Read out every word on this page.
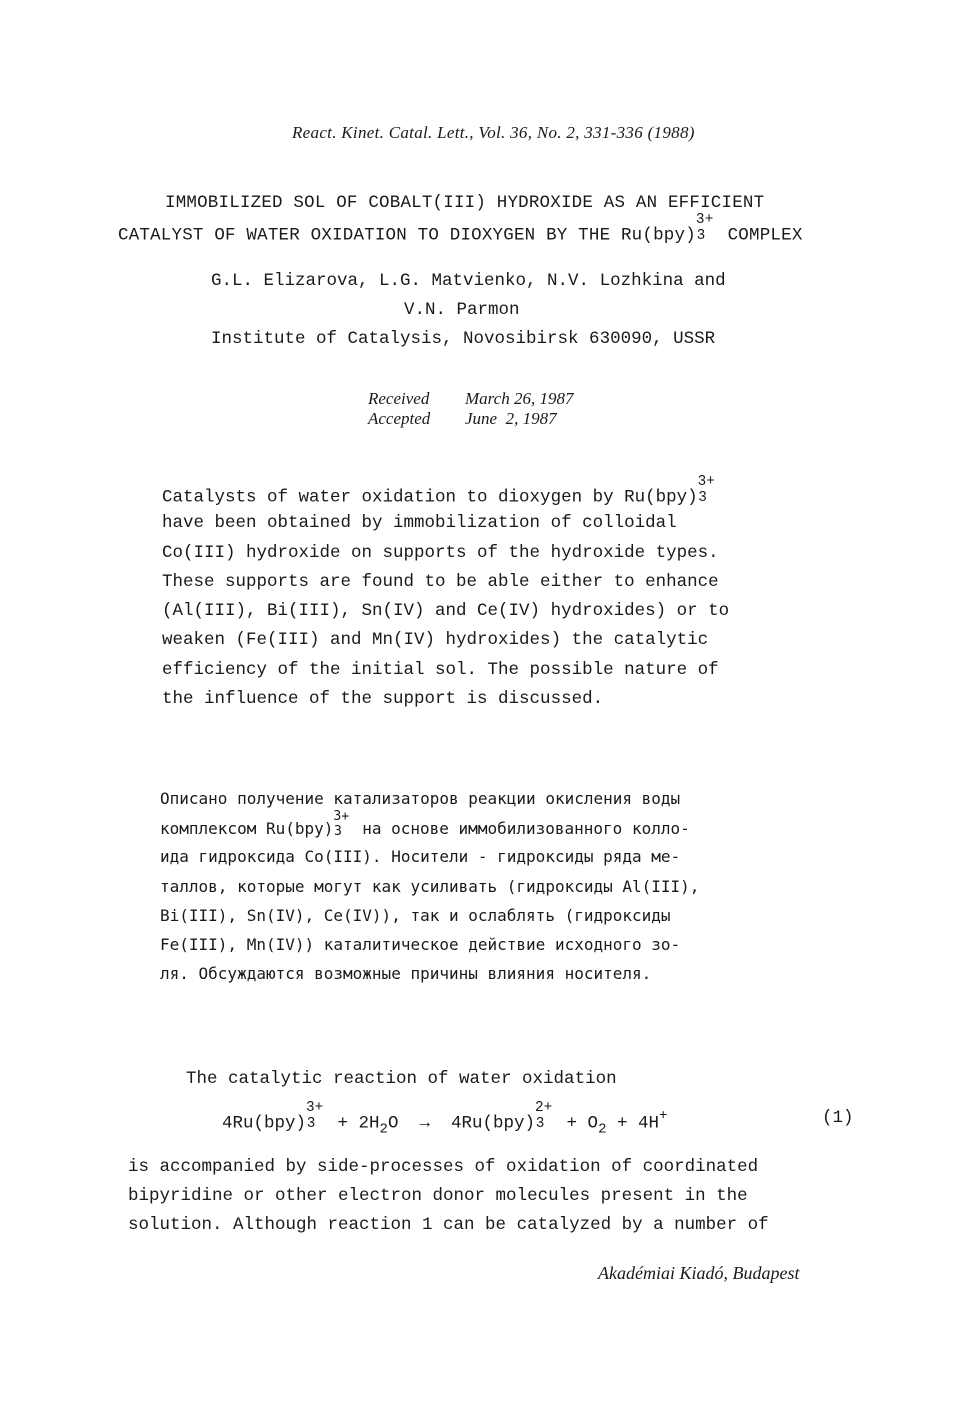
React. Kinet. Catal. Lett., Vol. 36, No. 2, 331-336 (1988)
IMMOBILIZED SOL OF COBALT(III) HYDROXIDE AS AN EFFICIENT
CATALYST OF WATER OXIDATION TO DIOXYGEN BY THE Ru(bpy)
3+
3 COMPLEX
G.L. Elizarova, L.G. Matvienko, N.V. Lozhkina and
V.N. Parmon
Institute of Catalysis, Novosibirsk 630090, USSR
Received March 26, 1987
Accepted June  2, 1987
Catalysts of water oxidation to dioxygen by Ru(bpy)
3+
3
have been obtained by immobilization of colloidal
Co(III) hydroxide on supports of the hydroxide types.
These supports are found to be able either to enhance
(Al(III), Bi(III), Sn(IV) and Ce(IV) hydroxides) or to
weaken (Fe(III) and Mn(IV) hydroxides) the catalytic
efficiency of the initial sol. The possible nature of
the influence of the support is discussed.
Описано получение катализаторов реакции окисления воды
комплексом Ru(bpy)
3+
3 на основе иммобилизованного колло-
ида гидроксида Co(III). Носители - гидроксиды ряда ме-
таллов, которые могут как усиливать (гидроксиды Al(III),
Bi(III), Sn(IV), Ce(IV)), так и ослаблять (гидроксиды
Fe(III), Mn(IV)) каталитическое действие исходного зо-
ля. Обсуждаются возможные причины влияния носителя.
The catalytic reaction of water oxidation
4Ru(bpy)
3+
$3 + 2H_2O \to 4Ru(bpy)$
2+
$3 + O_2 + 4H^+$	(1)
is accompanied by side-processes of oxidation of coordinated
bipyridine or other electron donor molecules present in the
solution. Although reaction 1 can be catalyzed by a number of
Akadémiai Kiadó, Budapest
